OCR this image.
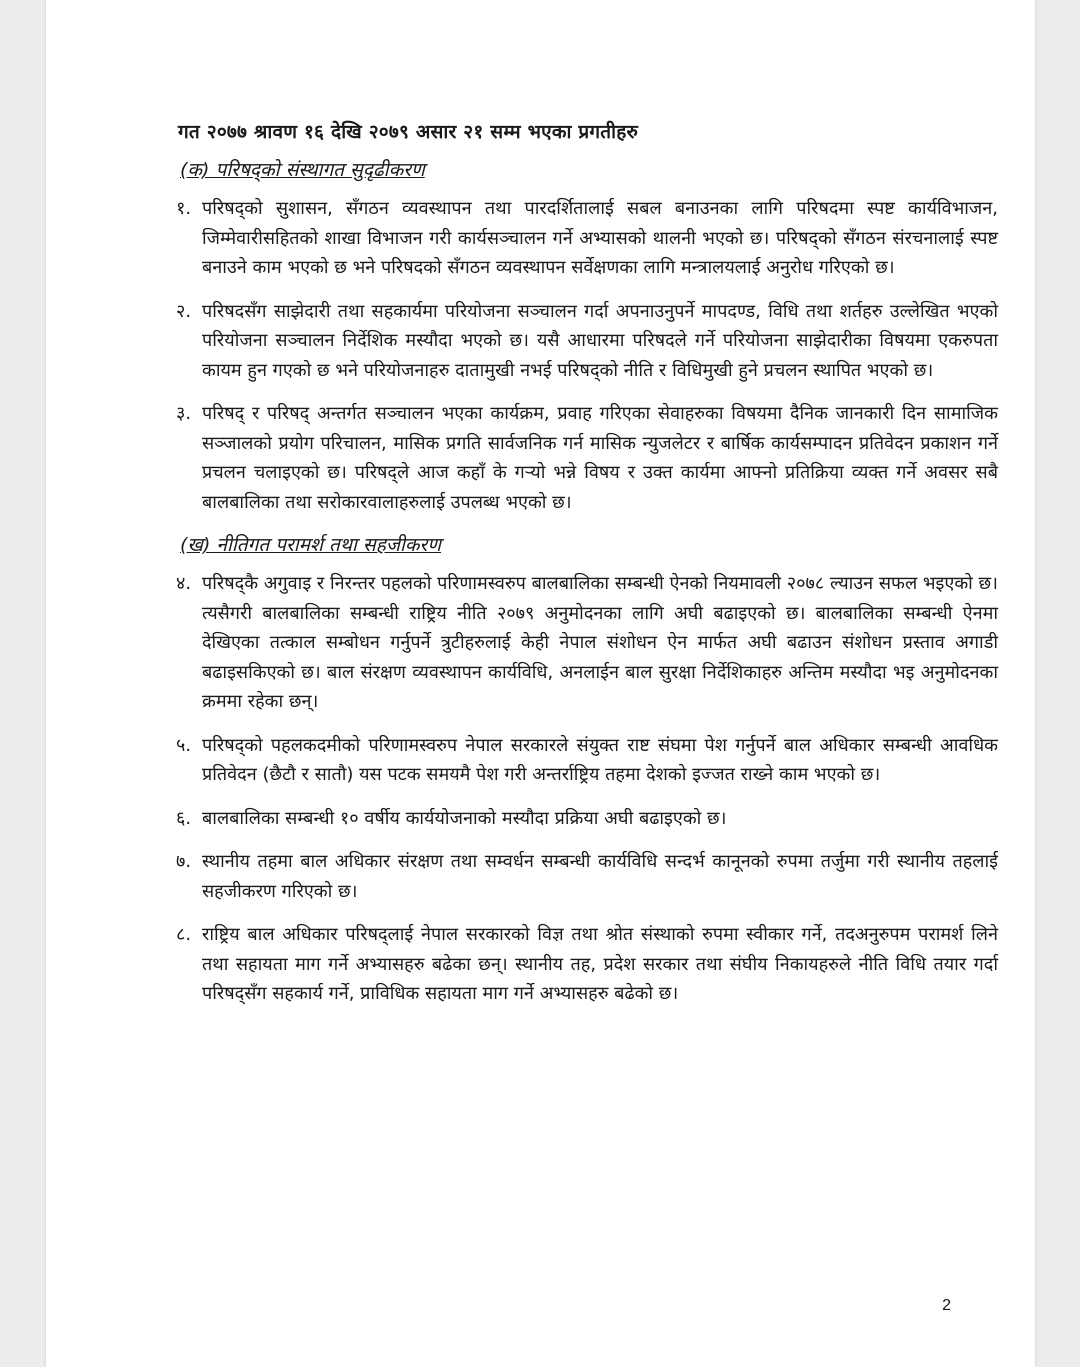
गत २०७७ श्रावण १६ देखि २०७९ असार २१ सम्म भएका प्रगतीहरु
(क) परिषद्को संस्थागत सुदृढीकरण
१. परिषद्को सुशासन, सँगठन व्यवस्थापन तथा पारदर्शितालाई सबल बनाउनका लागि परिषदमा स्पष्ट कार्यविभाजन, जिम्मेवारीसहितको शाखा विभाजन गरी कार्यसञ्चालन गर्ने अभ्यासको थालनी भएको छ। परिषद्को सँगठन संरचनालाई स्पष्ट बनाउने काम भएको छ भने परिषदको सँगठन व्यवस्थापन सर्वेक्षणका लागि मन्त्रालयलाई अनुरोध गरिएको छ।
२. परिषदसँग साझेदारी तथा सहकार्यमा परियोजना सञ्चालन गर्दा अपनाउनुपर्ने मापदण्ड, विधि तथा शर्तहरु उल्लेखित भएको परियोजना सञ्चालन निर्देशिक मस्यौदा भएको छ। यसै आधारमा परिषदले गर्ने परियोजना साझेदारीका विषयमा एकरुपता कायम हुन गएको छ भने परियोजनाहरु दातामुखी नभई परिषद्को नीति र विधिमुखी हुने प्रचलन स्थापित भएको छ।
३. परिषद् र परिषद् अन्तर्गत सञ्चालन भएका कार्यक्रम, प्रवाह गरिएका सेवाहरुका विषयमा दैनिक जानकारी दिन सामाजिक सञ्जालको प्रयोग परिचालन, मासिक प्रगति सार्वजनिक गर्न मासिक न्युजलेटर र बार्षिक कार्यसम्पादन प्रतिवेदन प्रकाशन गर्ने प्रचलन चलाइएको छ। परिषद्ले आज कहाँ के गर्‍यो भन्ने विषय र उक्त कार्यमा आफ्नो प्रतिक्रिया व्यक्त गर्ने अवसर सबै बालबालिका तथा सरोकारवालाहरुलाई उपलब्ध भएको छ।
(ख) नीतिगत परामर्श तथा सहजीकरण
४. परिषद्कै अगुवाइ र निरन्तर पहलको परिणामस्वरुप बालबालिका सम्बन्धी ऐनको नियमावली २०७८ ल्याउन सफल भइएको छ। त्यसैगरी बालबालिका सम्बन्धी राष्ट्रिय नीति २०७९ अनुमोदनका लागि अघी बढाइएको छ। बालबालिका सम्बन्धी ऐनमा देखिएका तत्काल सम्बोधन गर्नुपर्ने त्रुटीहरुलाई केही नेपाल संशोधन ऐन मार्फत अघी बढाउन संशोधन प्रस्ताव अगाडी बढाइसकिएको छ। बाल संरक्षण व्यवस्थापन कार्यविधि, अनलाईन बाल सुरक्षा निर्देशिकाहरु अन्तिम मस्यौदा भइ अनुमोदनका क्रममा रहेका छन्।
५. परिषद्को पहलकदमीको परिणामस्वरुप नेपाल सरकारले संयुक्त राष्ट संघमा पेश गर्नुपर्ने बाल अधिकार सम्बन्धी आवधिक प्रतिवेदन (छैटौ र सातौ) यस पटक समयमै पेश गरी अन्तर्राष्ट्रिय तहमा देशको इज्जत राख्ने काम भएको छ।
६. बालबालिका सम्बन्धी १० वर्षीय कार्ययोजनाको मस्यौदा प्रक्रिया अघी बढाइएको छ।
७. स्थानीय तहमा बाल अधिकार संरक्षण तथा सम्वर्धन सम्बन्धी कार्यविधि सन्दर्भ कानूनको रुपमा तर्जुमा गरी स्थानीय तहलाई सहजीकरण गरिएको छ।
८. राष्ट्रिय बाल अधिकार परिषद्लाई नेपाल सरकारको विज्ञ तथा श्रोत संस्थाको रुपमा स्वीकार गर्ने, तदअनुरुपम परामर्श लिने तथा सहायता माग गर्ने अभ्यासहरु बढेका छन्। स्थानीय तह, प्रदेश सरकार तथा संघीय निकायहरुले नीति विधि तयार गर्दा परिषद्सँग सहकार्य गर्ने, प्राविधिक सहायता माग गर्ने अभ्यासहरु बढेको छ।
2
